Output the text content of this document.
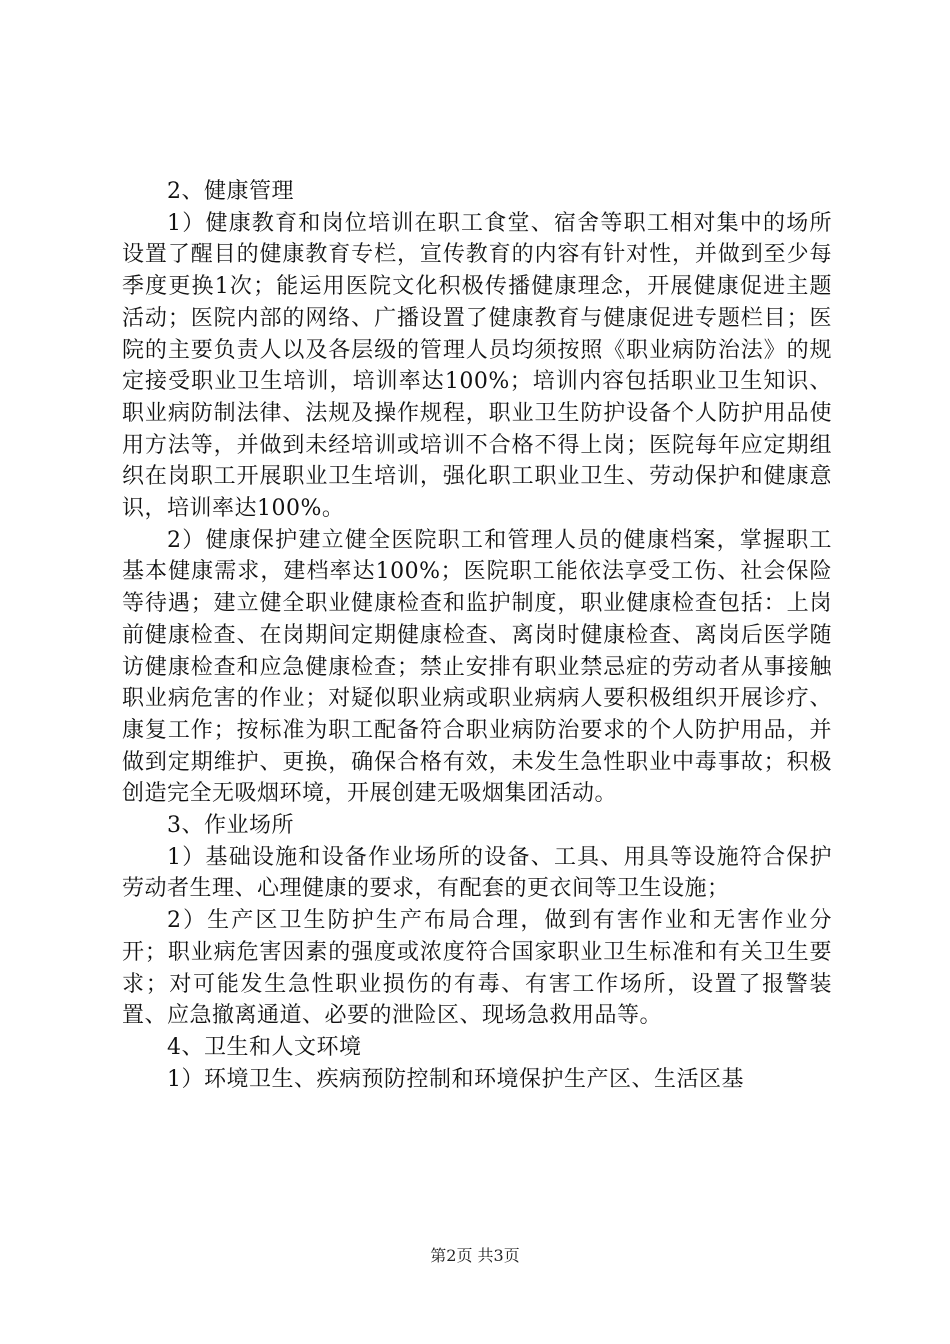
2、健康管理

1）健康教育和岗位培训在职工食堂、宿舍等职工相对集中的场所设置了醒目的健康教育专栏，宣传教育的内容有针对性，并做到至少每季度更换1次；能运用医院文化积极传播健康理念，开展健康促进主题活动；医院内部的网络、广播设置了健康教育与健康促进专题栏目；医院的主要负责人以及各层级的管理人员均须按照《职业病防治法》的规定接受职业卫生培训，培训率达100%；培训内容包括职业卫生知识、职业病防制法律、法规及操作规程，职业卫生防护设备个人防护用品使用方法等，并做到未经培训或培训不合格不得上岗；医院每年应定期组织在岗职工开展职业卫生培训，强化职工职业卫生、劳动保护和健康意识，培训率达100%。

2）健康保护建立健全医院职工和管理人员的健康档案，掌握职工基本健康需求，建档率达100%；医院职工能依法享受工伤、社会保险等待遇；建立健全职业健康检查和监护制度，职业健康检查包括：上岗前健康检查、在岗期间定期健康检查、离岗时健康检查、离岗后医学随访健康检查和应急健康检查；禁止安排有职业禁忌症的劳动者从事接触职业病危害的作业；对疑似职业病或职业病病人要积极组织开展诊疗、康复工作；按标准为职工配备符合职业病防治要求的个人防护用品，并做到定期维护、更换，确保合格有效，未发生急性职业中毒事故；积极创造完全无吸烟环境，开展创建无吸烟集团活动。

3、作业场所

1）基础设施和设备作业场所的设备、工具、用具等设施符合保护劳动者生理、心理健康的要求，有配套的更衣间等卫生设施；

2）生产区卫生防护生产布局合理，做到有害作业和无害作业分开；职业病危害因素的强度或浓度符合国家职业卫生标准和有关卫生要求；对可能发生急性职业损伤的有毒、有害工作场所，设置了报警装置、应急撤离通道、必要的泄险区、现场急救用品等。

4、卫生和人文环境

1）环境卫生、疾病预防控制和环境保护生产区、生活区基

第2页 共3页
